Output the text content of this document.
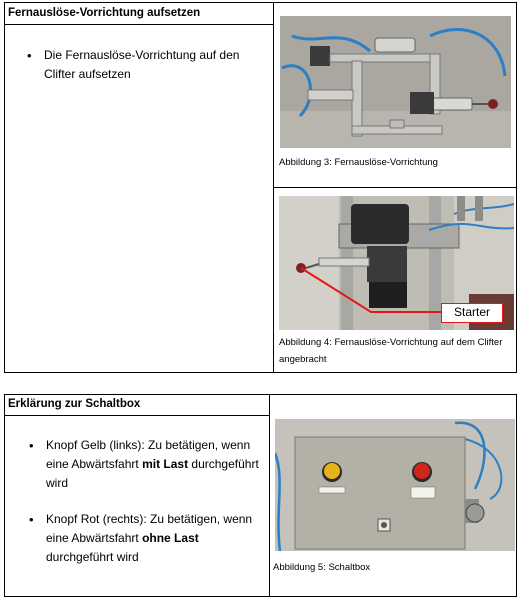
Fernauslöse-Vorrichtung aufsetzen
• Die Fernauslöse-Vorrichtung auf den Clifter aufsetzen
Abbildung 3: Fernauslöse-Vorrichtung
Starter
Abbildung 4: Fernauslöse-Vorrichtung auf dem Clifter angebracht
Erklärung zur Schaltbox
• Knopf Gelb (links): Zu betätigen, wenn eine Abwärtsfahrt mit Last durchgeführt wird
• Knopf Rot (rechts): Zu betätigen, wenn eine Abwärtsfahrt ohne Last durchgeführt wird
Abbildung 5: Schaltbox
